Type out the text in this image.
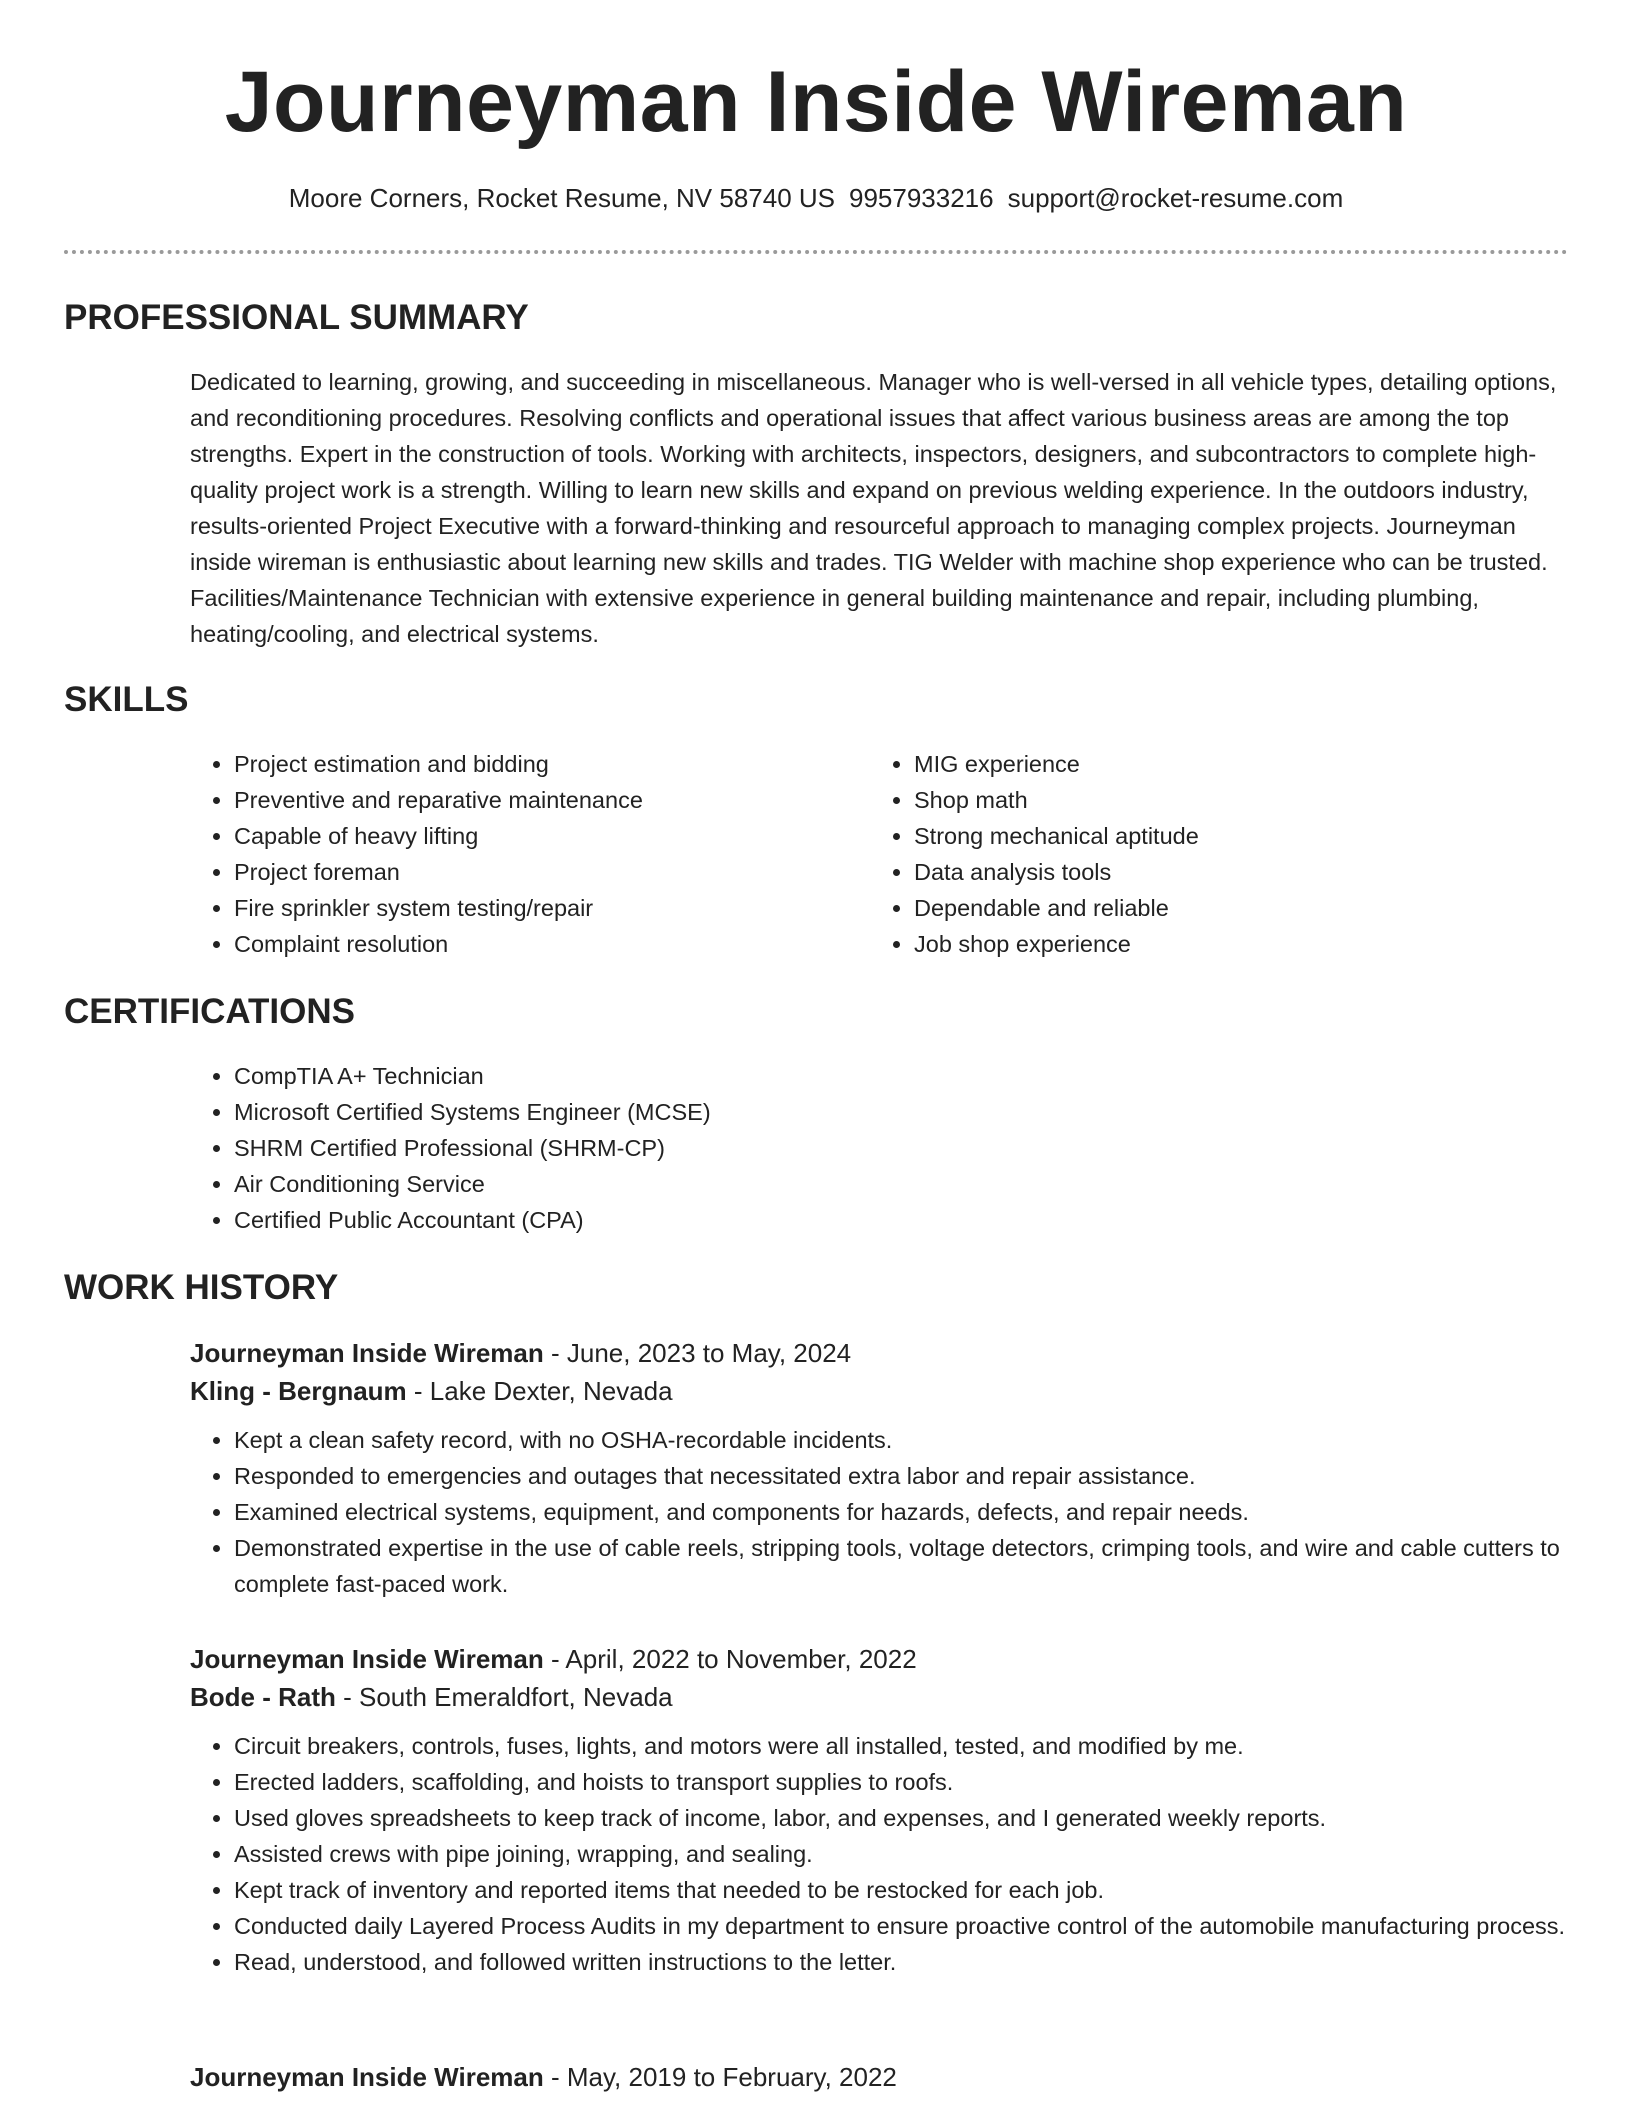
Journeyman Inside Wireman
Moore Corners, Rocket Resume, NV 58740 US 9957933216 support@rocket-resume.com
PROFESSIONAL SUMMARY
Dedicated to learning, growing, and succeeding in miscellaneous. Manager who is well-versed in all vehicle types, detailing options, and reconditioning procedures. Resolving conflicts and operational issues that affect various business areas are among the top strengths. Expert in the construction of tools. Working with architects, inspectors, designers, and subcontractors to complete high-quality project work is a strength. Willing to learn new skills and expand on previous welding experience. In the outdoors industry, results-oriented Project Executive with a forward-thinking and resourceful approach to managing complex projects. Journeyman inside wireman is enthusiastic about learning new skills and trades. TIG Welder with machine shop experience who can be trusted. Facilities/Maintenance Technician with extensive experience in general building maintenance and repair, including plumbing, heating/cooling, and electrical systems.
SKILLS
• Project estimation and bidding
• Preventive and reparative maintenance
• Capable of heavy lifting
• Project foreman
• Fire sprinkler system testing/repair
• Complaint resolution
• MIG experience
• Shop math
• Strong mechanical aptitude
• Data analysis tools
• Dependable and reliable
• Job shop experience
CERTIFICATIONS
• CompTIA A+ Technician
• Microsoft Certified Systems Engineer (MCSE)
• SHRM Certified Professional (SHRM-CP)
• Air Conditioning Service
• Certified Public Accountant (CPA)
WORK HISTORY
Journeyman Inside Wireman - June, 2023 to May, 2024
Kling - Bergnaum - Lake Dexter, Nevada
• Kept a clean safety record, with no OSHA-recordable incidents.
• Responded to emergencies and outages that necessitated extra labor and repair assistance.
• Examined electrical systems, equipment, and components for hazards, defects, and repair needs.
• Demonstrated expertise in the use of cable reels, stripping tools, voltage detectors, crimping tools, and wire and cable cutters to complete fast-paced work.
Journeyman Inside Wireman - April, 2022 to November, 2022
Bode - Rath - South Emeraldfort, Nevada
• Circuit breakers, controls, fuses, lights, and motors were all installed, tested, and modified by me.
• Erected ladders, scaffolding, and hoists to transport supplies to roofs.
• Used gloves spreadsheets to keep track of income, labor, and expenses, and I generated weekly reports.
• Assisted crews with pipe joining, wrapping, and sealing.
• Kept track of inventory and reported items that needed to be restocked for each job.
• Conducted daily Layered Process Audits in my department to ensure proactive control of the automobile manufacturing process.
• Read, understood, and followed written instructions to the letter.
Journeyman Inside Wireman - May, 2019 to February, 2022
